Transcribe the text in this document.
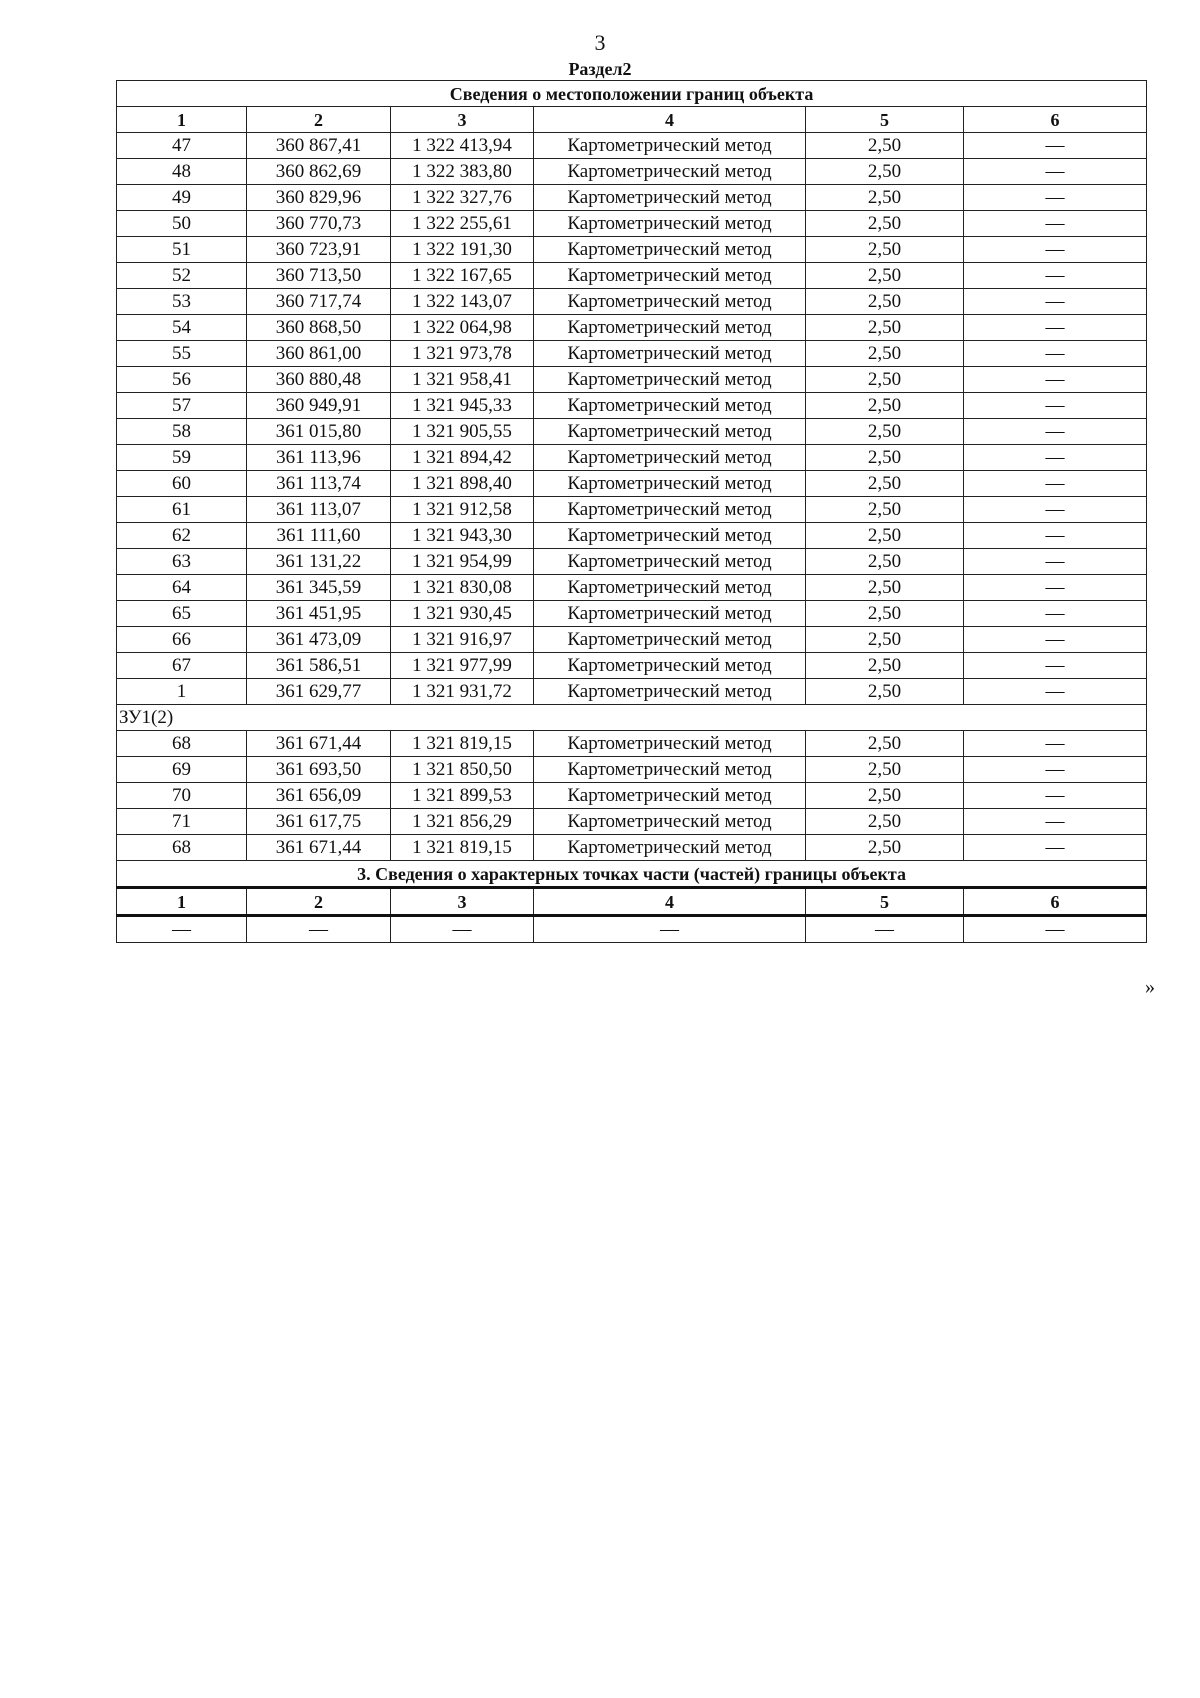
3
Раздел2
Сведения о местоположении границ объекта					
1	2	3	4	5	6
47	360 867,41	1 322 413,94	Картометрический метод	2,50	—
48	360 862,69	1 322 383,80	Картометрический метод	2,50	—
49	360 829,96	1 322 327,76	Картометрический метод	2,50	—
50	360 770,73	1 322 255,61	Картометрический метод	2,50	—
51	360 723,91	1 322 191,30	Картометрический метод	2,50	—
52	360 713,50	1 322 167,65	Картометрический метод	2,50	—
53	360 717,74	1 322 143,07	Картометрический метод	2,50	—
54	360 868,50	1 322 064,98	Картометрический метод	2,50	—
55	360 861,00	1 321 973,78	Картометрический метод	2,50	—
56	360 880,48	1 321 958,41	Картометрический метод	2,50	—
57	360 949,91	1 321 945,33	Картометрический метод	2,50	—
58	361 015,80	1 321 905,55	Картометрический метод	2,50	—
59	361 113,96	1 321 894,42	Картометрический метод	2,50	—
60	361 113,74	1 321 898,40	Картометрический метод	2,50	—
61	361 113,07	1 321 912,58	Картометрический метод	2,50	—
62	361 111,60	1 321 943,30	Картометрический метод	2,50	—
63	361 131,22	1 321 954,99	Картометрический метод	2,50	—
64	361 345,59	1 321 830,08	Картометрический метод	2,50	—
65	361 451,95	1 321 930,45	Картометрический метод	2,50	—
66	361 473,09	1 321 916,97	Картометрический метод	2,50	—
67	361 586,51	1 321 977,99	Картометрический метод	2,50	—
1	361 629,77	1 321 931,72	Картометрический метод	2,50	—
ЗУ1(2)					
68	361 671,44	1 321 819,15	Картометрический метод	2,50	—
69	361 693,50	1 321 850,50	Картометрический метод	2,50	—
70	361 656,09	1 321 899,53	Картометрический метод	2,50	—
71	361 617,75	1 321 856,29	Картометрический метод	2,50	—
68	361 671,44	1 321 819,15	Картометрический метод	2,50	—
3. Сведения о характерных точках части (частей) границы объекта					
1	2	3	4	5	6
—	—	—	—	—	—
»
